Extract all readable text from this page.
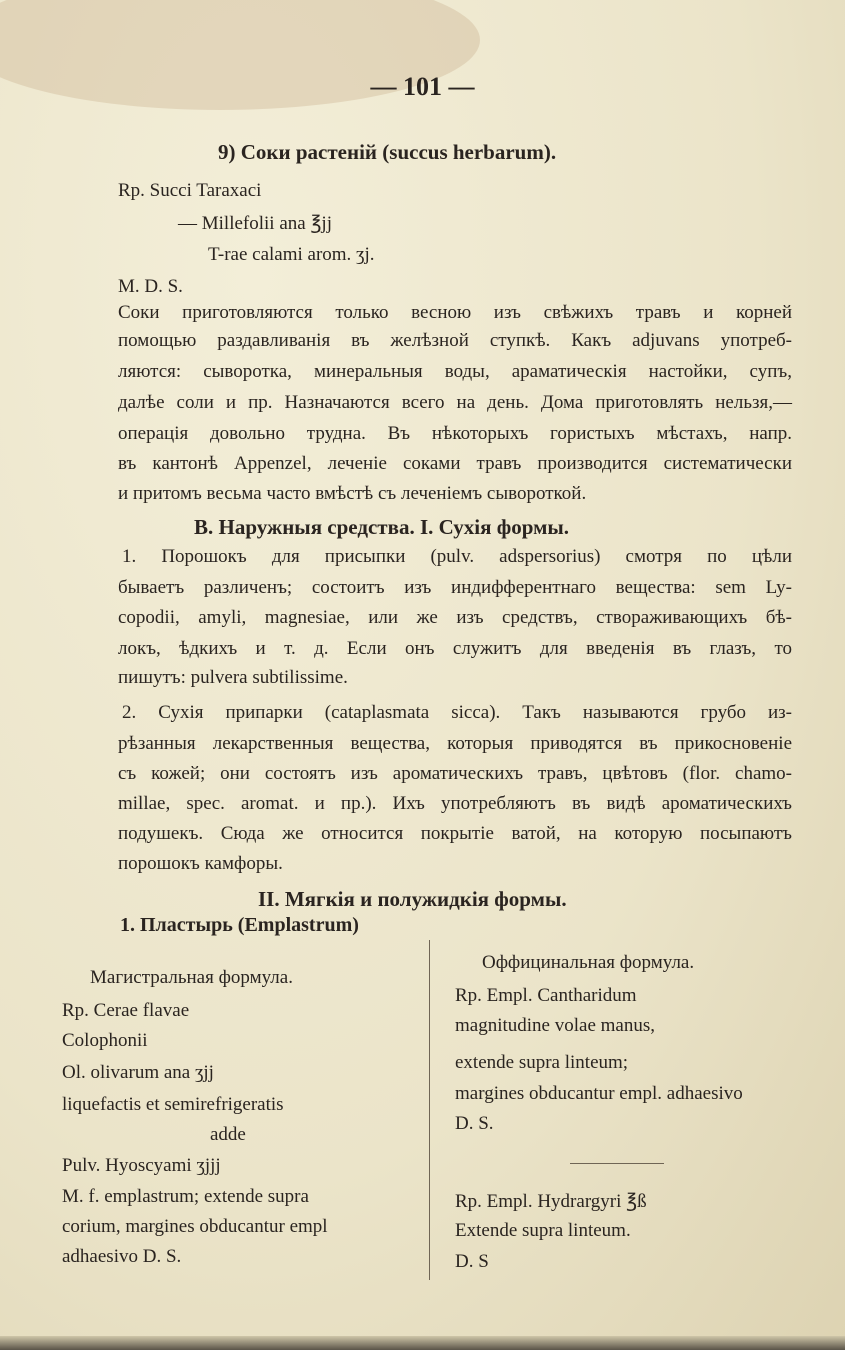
— 101 —
9) Соки растеній (succus herbarum).
Rp. Succi Taraxaci
— Millefolii ana ℥jj
T-rae calami arom. ʒj.
M. D. S.
Соки приготовляются только весною изъ свѣжихъ травъ и корней
помощью раздавливанія въ желѣзной ступкѣ. Какъ adjuvans употреб-
ляются: сыворотка, минеральныя воды, араматическія настойки, супъ,
далѣе соли и пр. Назначаются всего на день. Дома приготовлять нельзя,—
операція довольно трудна. Въ нѣкоторыхъ гористыхъ мѣстахъ, напр.
въ кантонѣ Appenzel, леченіе соками травъ производится систематически
и притомъ весьма часто вмѣстѣ съ леченіемъ сывороткой.
B. Наружныя средства. I. Сухія формы.
1. Порошокъ для присыпки (pulv. adspersorius) смотря по цѣли
бываетъ различенъ; состоитъ изъ индифферентнаго вещества: sem Ly-
copodii, amyli, magnesiae, или же изъ средствъ, створаживающихъ бѣ-
локъ, ѣдкихъ и т. д. Если онъ служитъ для введенія въ глазъ, то
пишутъ: pulvera subtilissime.
2. Сухія припарки (cataplasmata sicca). Такъ называются грубо из-
рѣзанныя лекарственныя вещества, которыя приводятся въ прикосновеніе
съ кожей; они состоятъ изъ ароматическихъ травъ, цвѣтовъ (flor. chamo-
millae, spec. aromat. и пр.). Ихъ употребляютъ въ видѣ ароматическихъ
подушекъ. Сюда же относится покрытіе ватой, на которую посыпаютъ
порошокъ камфоры.
II. Мягкія и полужидкія формы.
1. Пластырь (Emplastrum)
Магистральная формула.
Rp. Cerae flavae
Colophonii
Ol. olivarum ana ʒjj
liquefactis et semirefrigeratis
adde
Pulv. Hyoscyami ʒjjj
M. f. emplastrum; extende supra
corium, margines obducantur empl
adhaesivo D. S.
Оффицинальная формула.
Rp. Empl. Cantharidum
magnitudine volae manus,
extende supra linteum;
margines obducantur empl. adhaesivo
D. S.
Rp. Empl. Hydrargyri ℥ß
Extende supra linteum.
D. S
